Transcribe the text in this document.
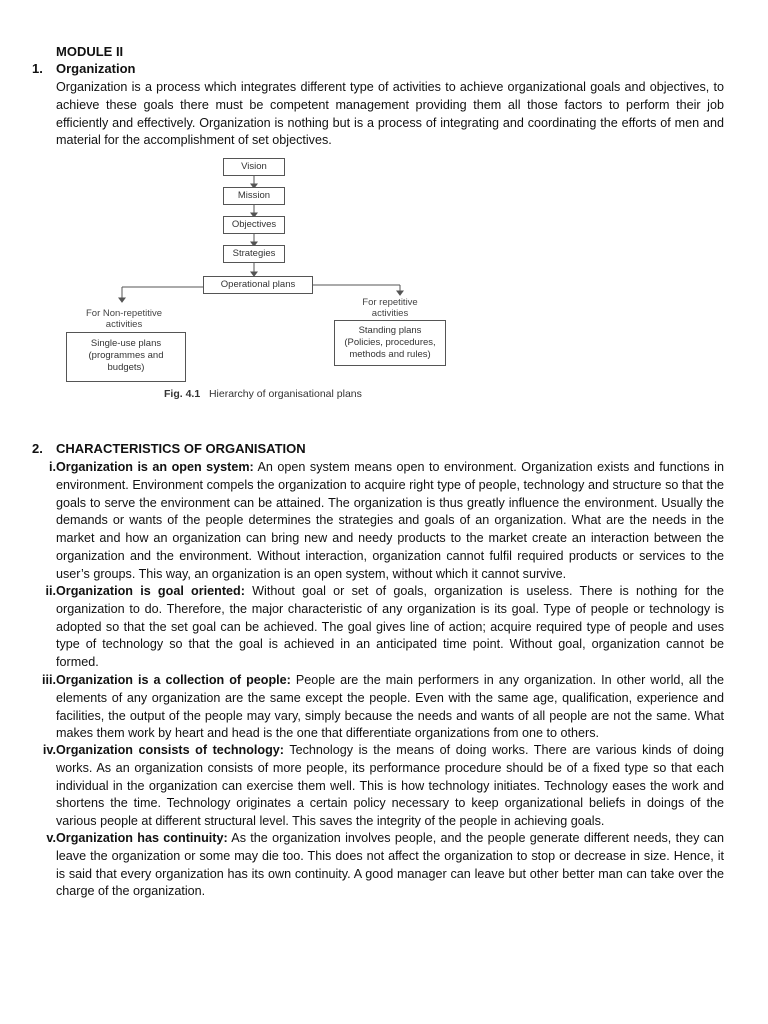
MODULE II
1. Organization
Organization is a process which integrates different type of activities to achieve organizational goals and objectives, to achieve these goals there must be competent management providing them all those factors to perform their job efficiently and effectively. Organization is nothing but is a process of integrating and coordinating the efforts of men and material for the accomplishment of set objectives.
Vision
Mission
Objectives
Strategies
Operational plans
For Non-repetitive activities
Single-use plans (programmes and budgets)
For repetitive activities
Standing plans (Policies, procedures, methods and rules)
Fig. 4.1 Hierarchy of organisational plans
2. CHARACTERISTICS OF ORGANISATION
i. Organization is an open system: An open system means open to environment. Organization exists and functions in environment. Environment compels the organization to acquire right type of people, technology and structure so that the goals to serve the environment can be attained. The organization is thus greatly influence the environment. Usually the demands or wants of the people determines the strategies and goals of an organization. What are the needs in the market and how an organization can bring new and needy products to the market create an interaction between the organization and the environment. Without interaction, organization cannot fulfil required products or services to the user’s groups. This way, an organization is an open system, without which it cannot survive.
ii. Organization is goal oriented: Without goal or set of goals, organization is useless. There is nothing for the organization to do. Therefore, the major characteristic of any organization is its goal. Type of people or technology is adopted so that the set goal can be achieved. The goal gives line of action; acquire required type of people and uses type of technology so that the goal is achieved in an anticipated time point. Without goal, organization cannot be formed.
iii. Organization is a collection of people: People are the main performers in any organization. In other world, all the elements of any organization are the same except the people. Even with the same age, qualification, experience and facilities, the output of the people may vary, simply because the needs and wants of all people are not the same. What makes them work by heart and head is the one that differentiate organizations from one to others.
iv. Organization consists of technology: Technology is the means of doing works. There are various kinds of doing works. As an organization consists of more people, its performance procedure should be of a fixed type so that each individual in the organization can exercise them well. This is how technology initiates. Technology eases the work and shortens the time. Technology originates a certain policy necessary to keep organizational beliefs in doings of the various people at different structural level. This saves the integrity of the people in achieving goals.
v. Organization has continuity: As the organization involves people, and the people generate different needs, they can leave the organization or some may die too. This does not affect the organization to stop or decrease in size. Hence, it is said that every organization has its own continuity. A good manager can leave but other better man can take over the charge of the organization.
